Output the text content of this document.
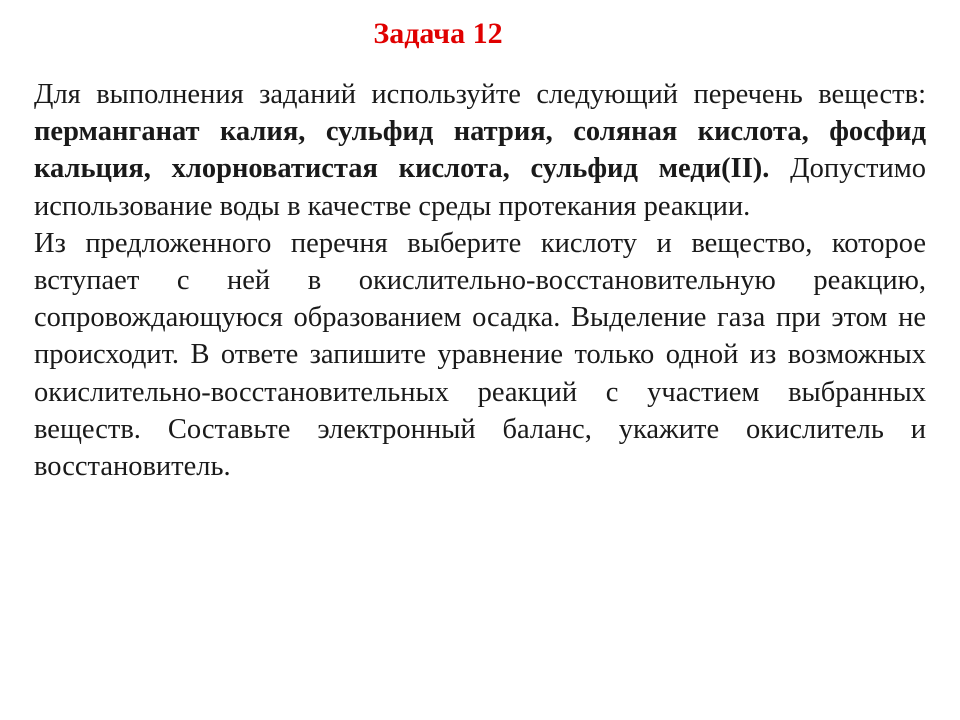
Задача 12

Для выполнения заданий используйте следующий перечень веществ: перманганат калия, сульфид натрия, соляная кислота, фосфид кальция, хлорноватистая кислота, сульфид меди(II). Допустимо использование воды в качестве среды протекания реакции.

Из предложенного перечня выберите кислоту и вещество, которое вступает с ней в окислительно-восстановительную реакцию, сопровождающуюся образованием осадка. Выделение газа при этом не происходит. В ответе запишите уравнение только одной из возможных окислительно-восстановительных реакций с участием выбранных веществ. Составьте электронный баланс, укажите окислитель и восстановитель.
